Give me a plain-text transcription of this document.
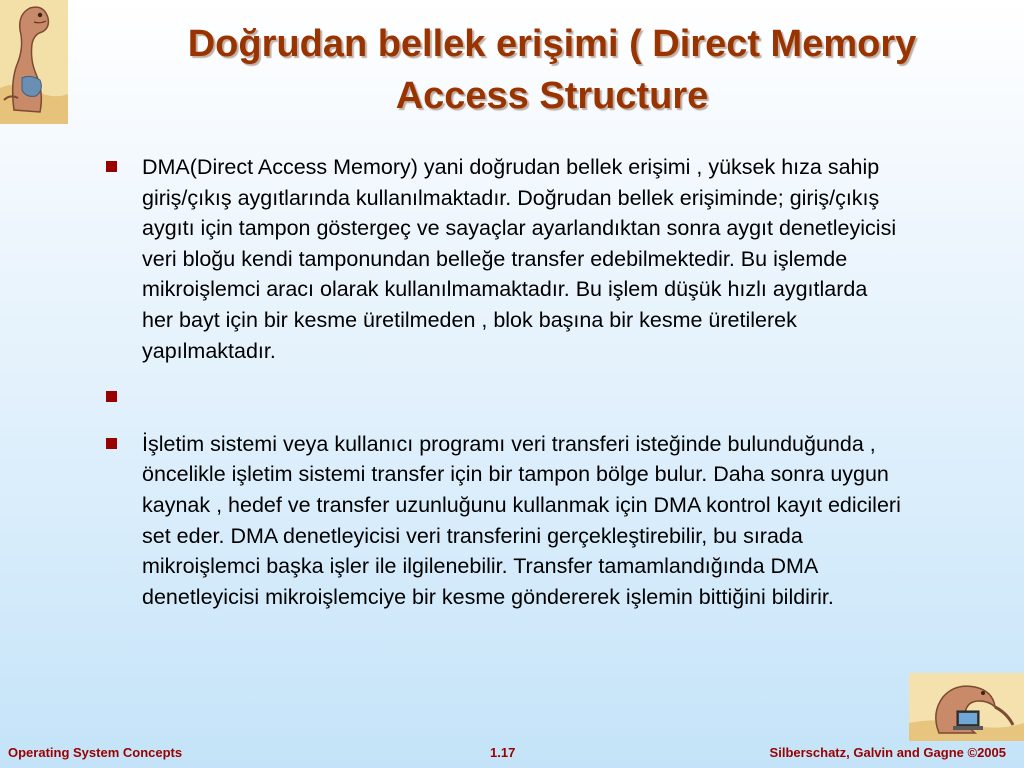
Doğrudan bellek erişimi ( Direct Memory
Access Structure
DMA(Direct Access Memory) yani doğrudan bellek erişimi , yüksek hıza sahip giriş/çıkış aygıtlarında kullanılmaktadır. Doğrudan bellek erişiminde; giriş/çıkış aygıtı için tampon göstergeç ve sayaçlar ayarlandıktan sonra aygıt denetleyicisi veri bloğu kendi tamponundan belleğe transfer edebilmektedir. Bu işlemde mikroişlemci aracı olarak kullanılmamaktadır. Bu işlem düşük hızlı aygıtlarda her bayt için bir kesme üretilmeden , blok başına bir kesme üretilerek yapılmaktadır.
İşletim sistemi veya kullanıcı programı veri transferi isteğinde bulunduğunda , öncelikle işletim sistemi transfer için bir tampon bölge bulur. Daha sonra uygun kaynak , hedef ve transfer uzunluğunu kullanmak için DMA kontrol kayıt edicileri set eder. DMA denetleyicisi veri transferini gerçekleştirebilir, bu sırada mikroişlemci başka işler ile ilgilenebilir. Transfer tamamlandığında DMA denetleyicisi mikroişlemciye bir kesme göndererek işlemin bittiğini bildirir.
Operating System Concepts	1.17	Silberschatz, Galvin and Gagne ©2005
